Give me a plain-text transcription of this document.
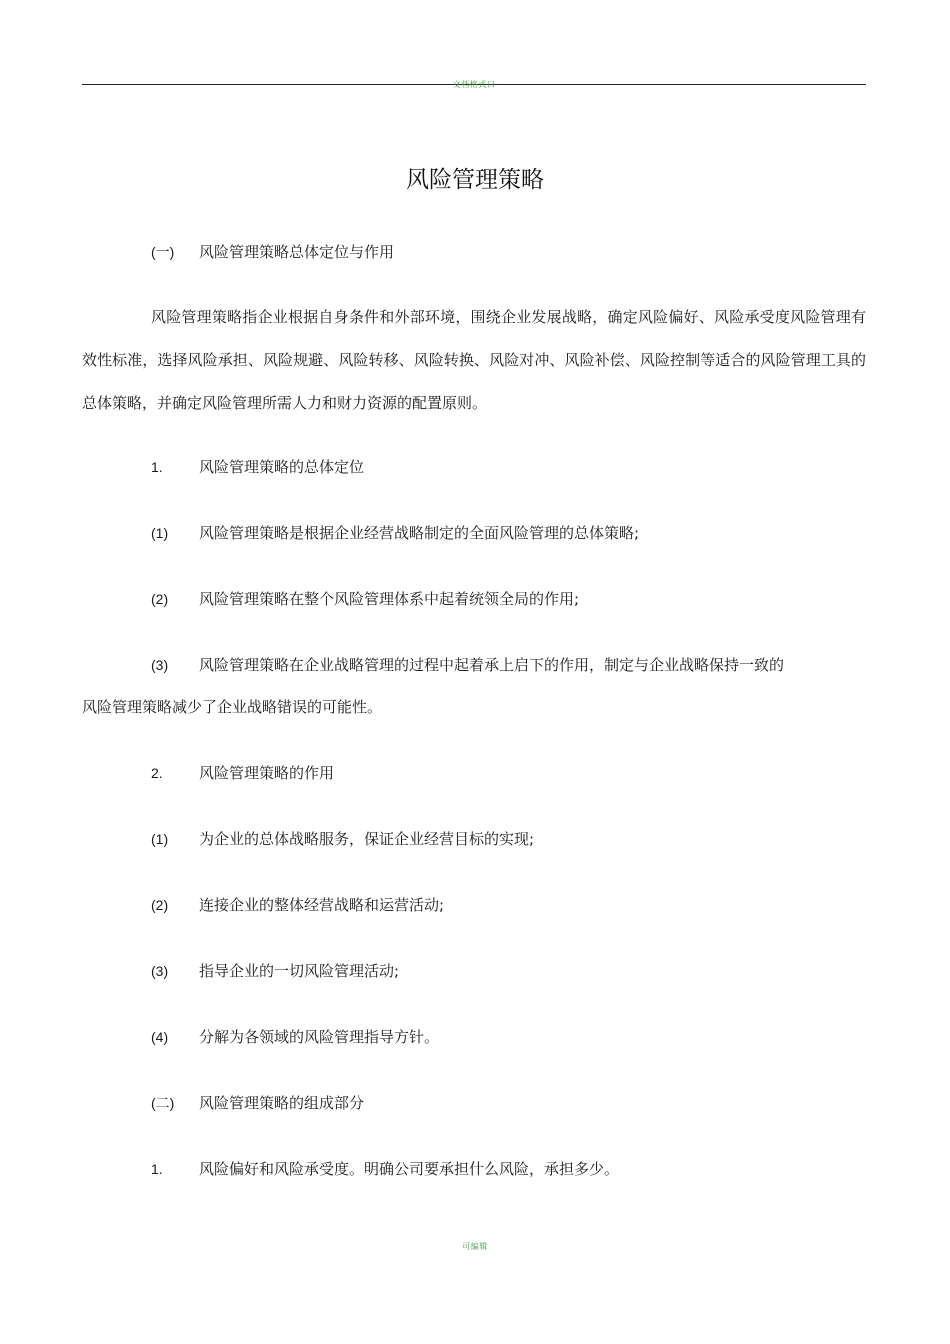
文档格式口
风险管理策略
(一) 风险管理策略总体定位与作用
风险管理策略指企业根据自身条件和外部环境，围绕企业发展战略，确定风险偏好、风险承受度风险管理有效性标准，选择风险承担、风险规避、风险转移、风险转换、风险对冲、风险补偿、风险控制等适合的风险管理工具的总体策略，并确定风险管理所需人力和财力资源的配置原则。
1. 风险管理策略的总体定位
(1) 风险管理策略是根据企业经营战略制定的全面风险管理的总体策略;
(2) 风险管理策略在整个风险管理体系中起着统领全局的作用;
(3) 风险管理策略在企业战略管理的过程中起着承上启下的作用，制定与企业战略保持一致的
风险管理策略减少了企业战略错误的可能性。
2. 风险管理策略的作用
(1) 为企业的总体战略服务，保证企业经营目标的实现;
(2) 连接企业的整体经营战略和运营活动;
(3) 指导企业的一切风险管理活动;
(4) 分解为各领域的风险管理指导方针。
(二) 风险管理策略的组成部分
1. 风险偏好和风险承受度。明确公司要承担什么风险，承担多少。
可编辑
